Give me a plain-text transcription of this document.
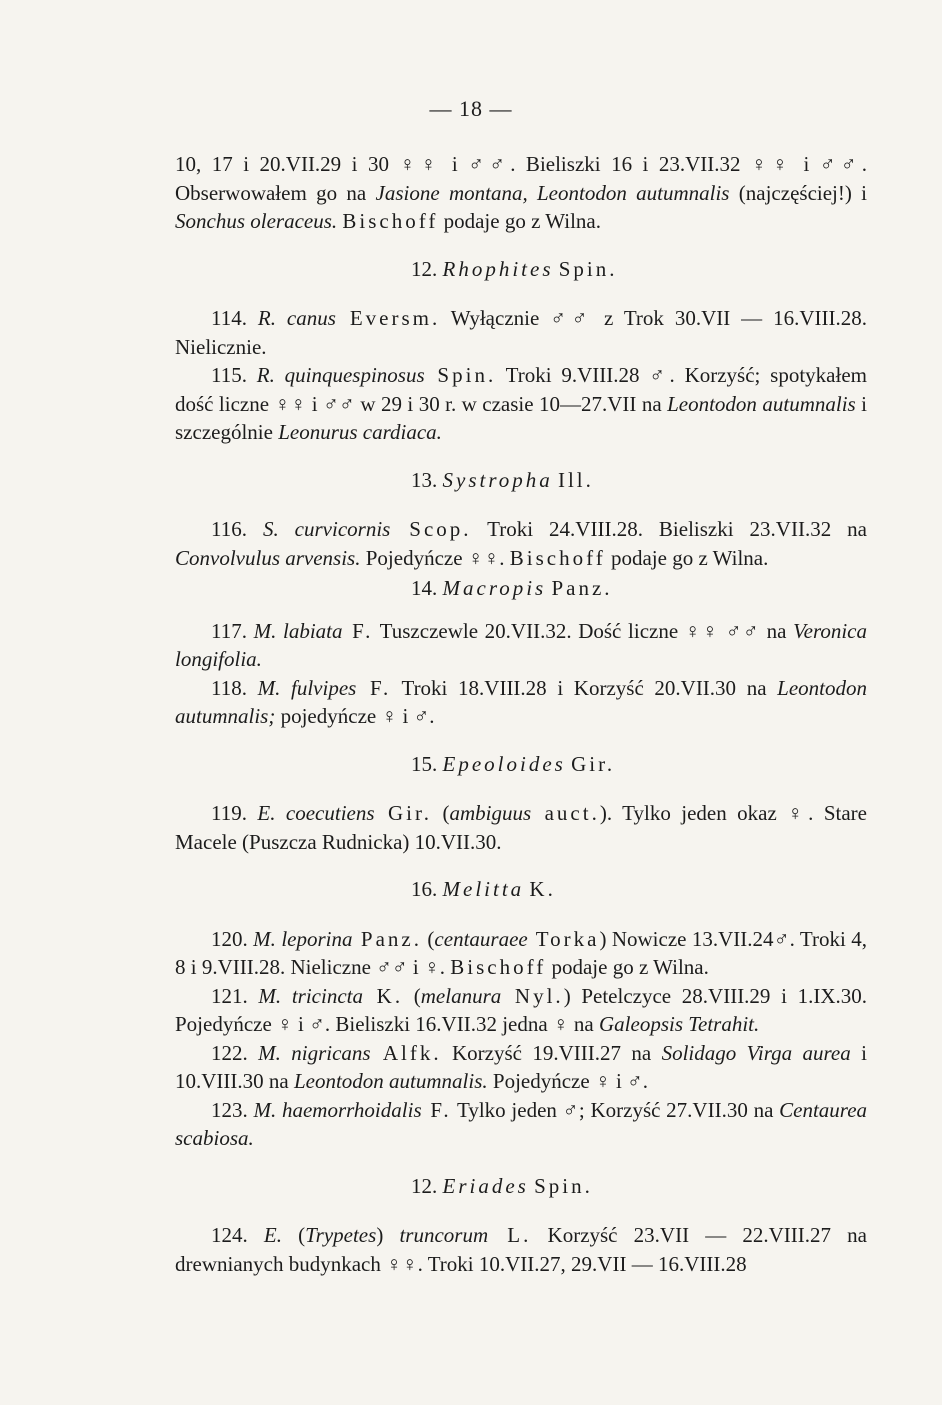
— 18 —

10, 17 i 20.VII.29 i 30 ♀♀ i ♂♂. Bieliszki 16 i 23.VII.32 ♀♀ i ♂♂. Obserwowałem go na Jasione montana, Leontodon autumnalis (najczęściej!) i Sonchus oleraceus. Bischoff podaje go z Wilna.

12. Rhophites Spin.

114. R. canus Eversm. Wyłącznie ♂♂ z Trok 30.VII — 16.VIII.28. Nielicznie.

115. R. quinquespinosus Spin. Troki 9.VIII.28 ♂. Korzyść; spotykałem dość liczne ♀♀ i ♂♂ w 29 i 30 r. w czasie 10—27.VII na Leontodon autumnalis i szczególnie Leonurus cardiaca.

13. Systropha Ill.

116. S. curvicornis Scop. Troki 24.VIII.28. Bieliszki 23.VII.32 na Convolvulus arvensis. Pojedyńcze ♀♀. Bischoff podaje go z Wilna.

14. Macropis Panz.

117. M. labiata F. Tuszczewle 20.VII.32. Dość liczne ♀♀ ♂♂ na Veronica longifolia.

118. M. fulvipes F. Troki 18.VIII.28 i Korzyść 20.VII.30 na Leontodon autumnalis; pojedyńcze ♀ i ♂.

15. Epeoloides Gir.

119. E. coecutiens Gir. (ambiguus auct.). Tylko jeden okaz ♀. Stare Macele (Puszcza Rudnicka) 10.VII.30.

16. Melitta K.

120. M. leporina Panz. (centauraee Torka) Nowicze 13.VII.24♂. Troki 4, 8 i 9.VIII.28. Nieliczne ♂♂ i ♀. Bischoff podaje go z Wilna.

121. M. tricincta K. (melanura Nyl.) Petelczyce 28.VIII.29 i 1.IX.30. Pojedyńcze ♀ i ♂. Bieliszki 16.VII.32 jedna ♀ na Galeopsis Tetrahit.

122. M. nigricans Alfk. Korzyść 19.VIII.27 na Solidago Virga aurea i 10.VIII.30 na Leontodon autumnalis. Pojedyńcze ♀ i ♂.

123. M. haemorrhoidalis F. Tylko jeden ♂; Korzyść 27.VII.30 na Centaurea scabiosa.

12. Eriades Spin.

124. E. (Trypetes) truncorum L. Korzyść 23.VII — 22.VIII.27 na drewnianych budynkach ♀♀. Troki 10.VII.27, 29.VII — 16.VIII.28
